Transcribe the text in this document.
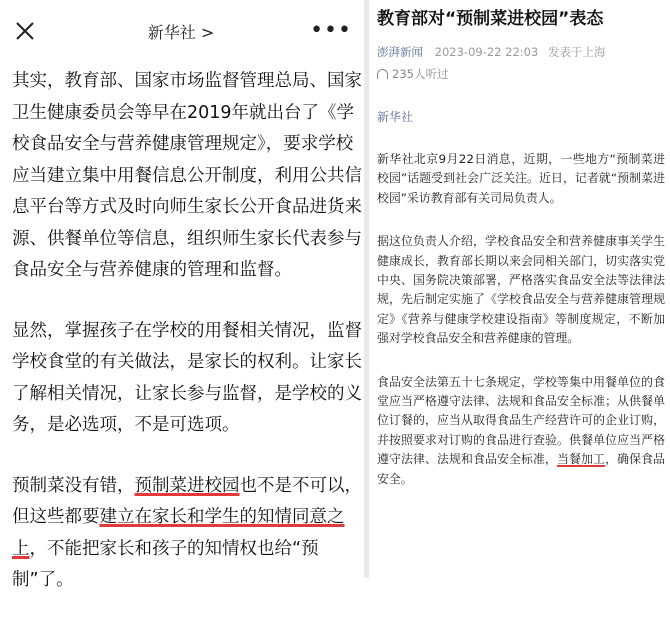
新华社 >	•••

其实，教育部、国家市场监督管理总局、国家卫生健康委员会等早在2019年就出台了《学校食品安全与营养健康管理规定》，要求学校应当建立集中用餐信息公开制度，利用公共信息平台等方式及时向师生家长公开食品进货来源、供餐单位等信息，组织师生家长代表参与食品安全与营养健康的管理和监督。

显然，掌握孩子在学校的用餐相关情况，监督学校食堂的有关做法，是家长的权利。让家长了解相关情况，让家长参与监督，是学校的义务，是必选项，不是可选项。

预制菜没有错，预制菜进校园也不是不可以，但这些都要建立在家长和学生的知情同意之上，不能把家长和孩子的知情权也给“预制”了。

教育部对“预制菜进校园”表态
澎湃新闻 2023-09-22 22:03 发表于上海
235人听过
新华社

新华社北京9月22日消息，近期，一些地方“预制菜进校园”话题受到社会广泛关注。近日，记者就“预制菜进校园”采访教育部有关司局负责人。

据这位负责人介绍，学校食品安全和营养健康事关学生健康成长，教育部长期以来会同相关部门，切实落实党中央、国务院决策部署，严格落实食品安全法等法律法规，先后制定实施了《学校食品安全与营养健康管理规定》《营养与健康学校建设指南》等制度规定，不断加强对学校食品安全和营养健康的管理。

食品安全法第五十七条规定，学校等集中用餐单位的食堂应当严格遵守法律、法规和食品安全标准；从供餐单位订餐的，应当从取得食品生产经营许可的企业订购，并按照要求对订购的食品进行查验。供餐单位应当严格遵守法律、法规和食品安全标准，当餐加工，确保食品安全。
